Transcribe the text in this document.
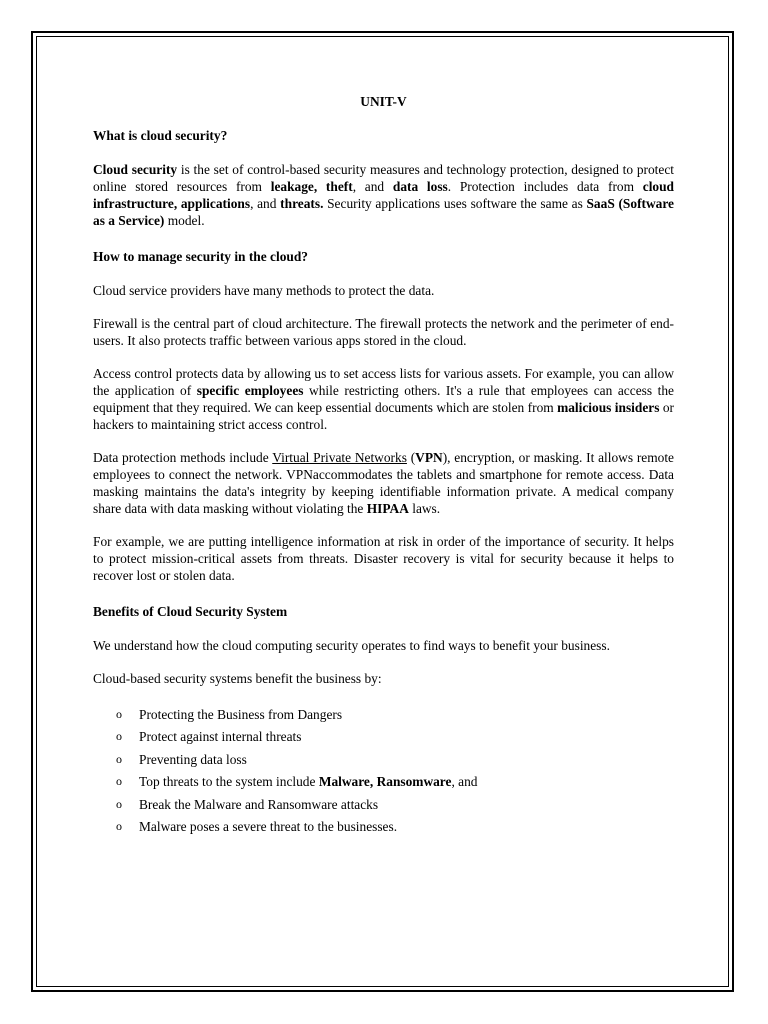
UNIT-V
What is cloud security?

Cloud security is the set of control-based security measures and technology protection, designed to protect online stored resources from leakage, theft, and data loss. Protection includes data from cloud infrastructure, applications, and threats. Security applications uses software the same as SaaS (Software as a Service) model.

How to manage security in the cloud?

Cloud service providers have many methods to protect the data.

Firewall is the central part of cloud architecture. The firewall protects the network and the perimeter of end-users. It also protects traffic between various apps stored in the cloud.

Access control protects data by allowing us to set access lists for various assets. For example, you can allow the application of specific employees while restricting others. It's a rule that employees can access the equipment that they required. We can keep essential documents which are stolen from malicious insiders or hackers to maintaining strict access control.

Data protection methods include Virtual Private Networks (VPN), encryption, or masking. It allows remote employees to connect the network. VPNaccommodates the tablets and smartphone for remote access. Data masking maintains the data's integrity by keeping identifiable information private. A medical company share data with data masking without violating the HIPAA laws.

For example, we are putting intelligence information at risk in order of the importance of security. It helps to protect mission-critical assets from threats. Disaster recovery is vital for security because it helps to recover lost or stolen data.

Benefits of Cloud Security System

We understand how the cloud computing security operates to find ways to benefit your business.

Cloud-based security systems benefit the business by:

o Protecting the Business from Dangers
o Protect against internal threats
o Preventing data loss
o Top threats to the system include Malware, Ransomware, and
o Break the Malware and Ransomware attacks
o Malware poses a severe threat to the businesses.
